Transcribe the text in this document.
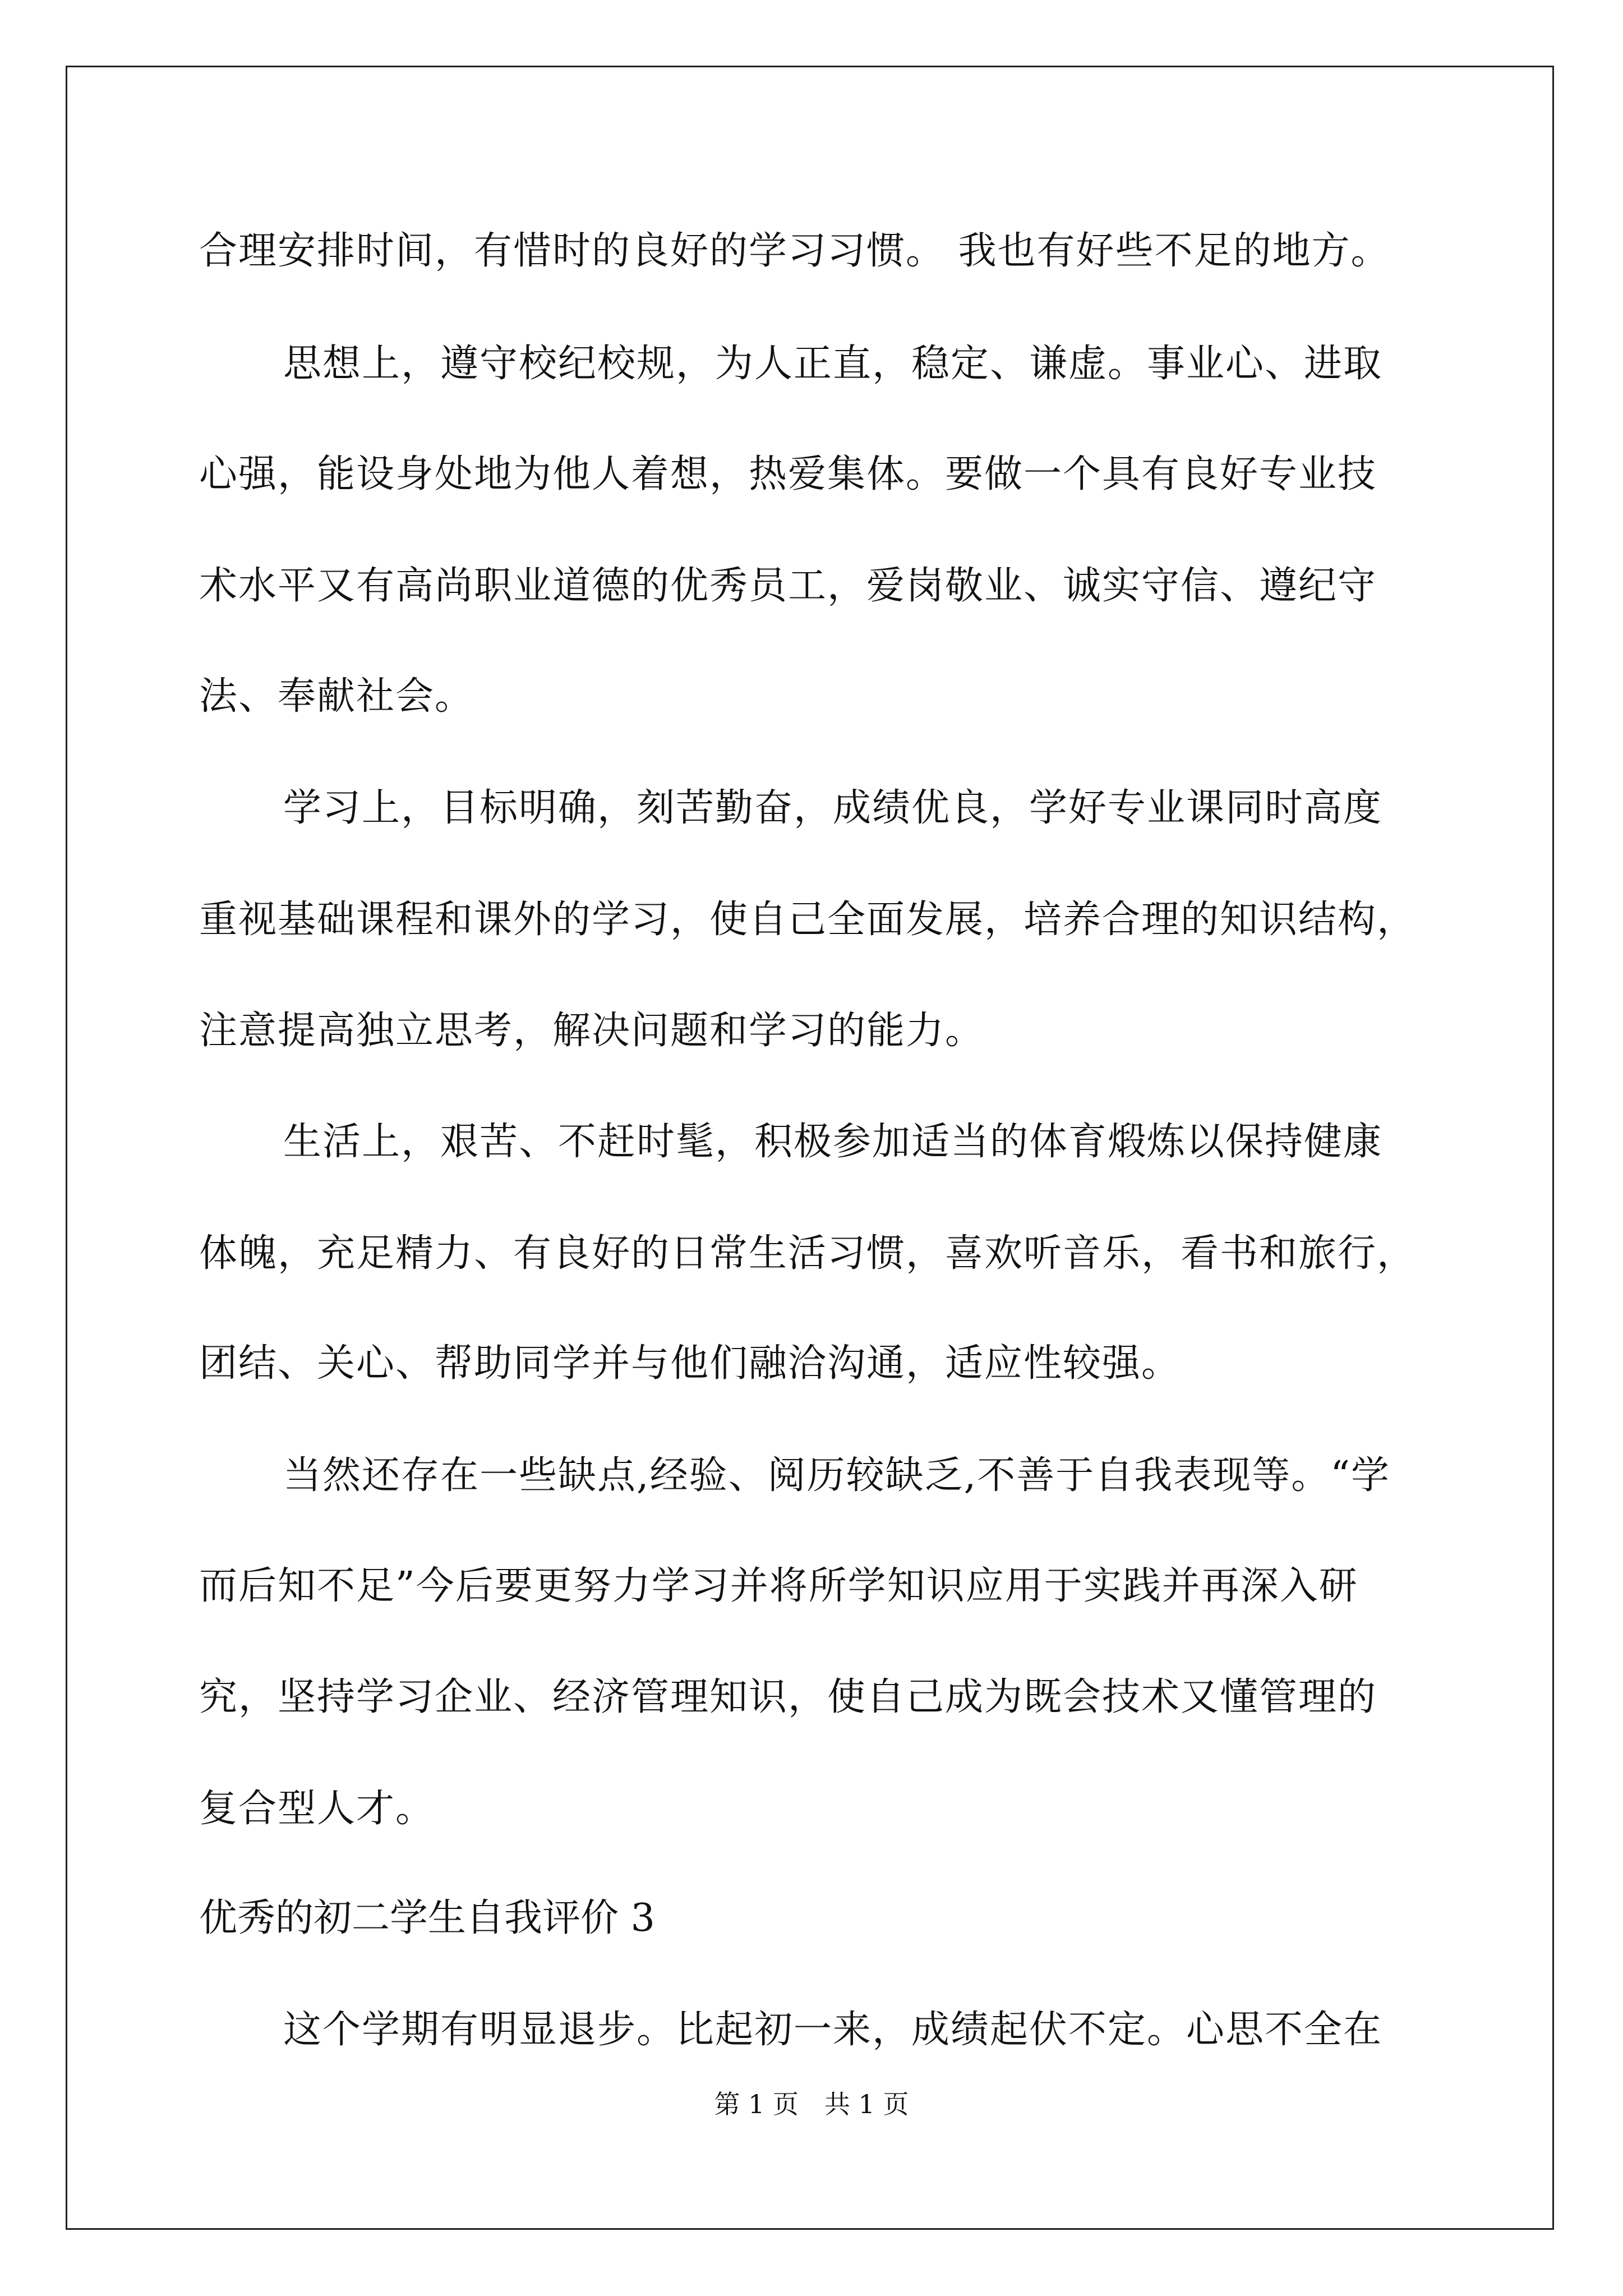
合理安排时间，有惜时的良好的学习习惯。 我也有好些不足的地方。

思想上，遵守校纪校规，为人正直，稳定、谦虚。事业心、进取

心强，能设身处地为他人着想，热爱集体。要做一个具有良好专业技

术水平又有高尚职业道德的优秀员工，爱岗敬业、诚实守信、遵纪守

法、奉献社会。

学习上，目标明确，刻苦勤奋，成绩优良，学好专业课同时高度

重视基础课程和课外的学习，使自己全面发展，培养合理的知识结构，

注意提高独立思考，解决问题和学习的能力。

生活上，艰苦、不赶时髦，积极参加适当的体育煅炼以保持健康

体魄，充足精力、有良好的日常生活习惯，喜欢听音乐，看书和旅行，

团结、关心、帮助同学并与他们融洽沟通，适应性较强。

当然还存在一些缺点,经验、阅历较缺乏,不善于自我表现等。“学

而后知不足”今后要更努力学习并将所学知识应用于实践并再深入研

究，坚持学习企业、经济管理知识，使自己成为既会技术又懂管理的

复合型人才。

优秀的初二学生自我评价 3

这个学期有明显退步。比起初一来，成绩起伏不定。心思不全在

第 1 页　共 1 页
